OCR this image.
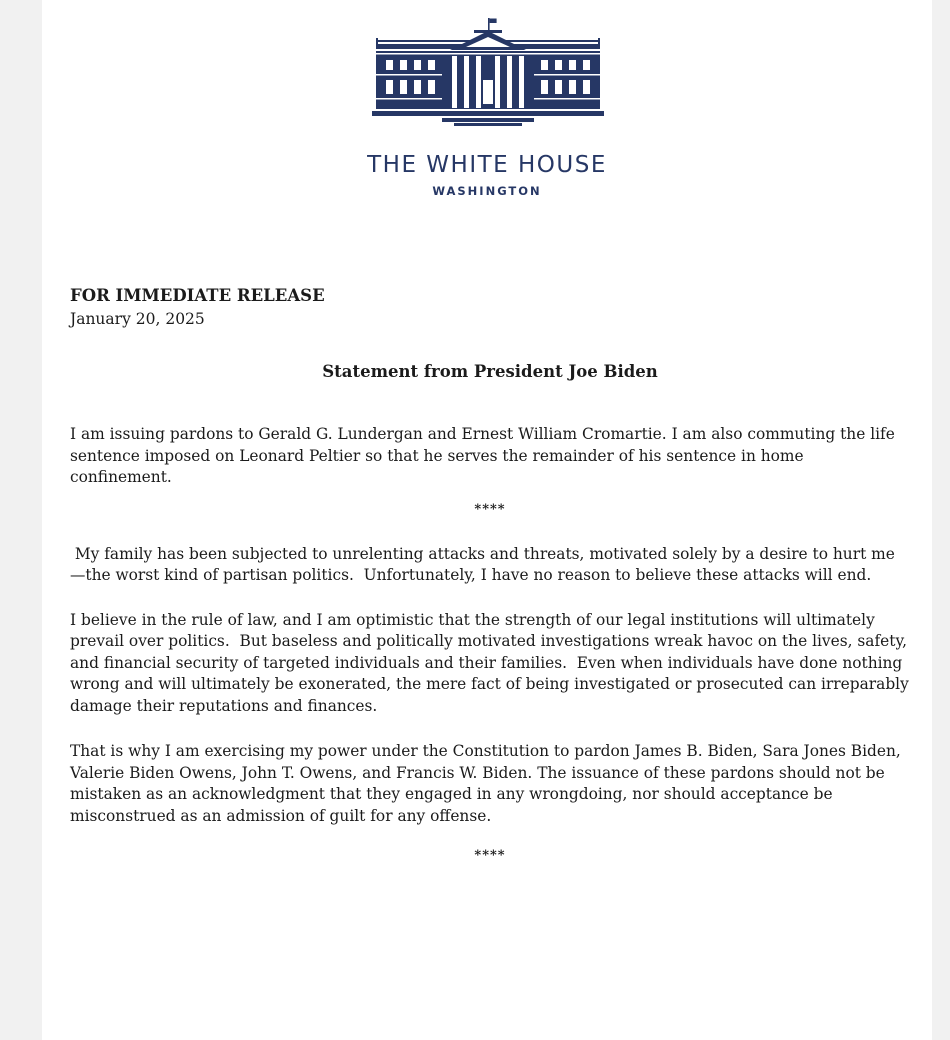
THE WHITE HOUSE

WASHINGTON

FOR IMMEDIATE RELEASE

January 20, 2025

Statement from President Joe Biden

I am issuing pardons to Gerald G. Lundergan and Ernest William Cromartie. I am also commuting the life sentence imposed on Leonard Peltier so that he serves the remainder of his sentence in home confinement.

****

My family has been subjected to unrelenting attacks and threats, motivated solely by a desire to hurt me—the worst kind of partisan politics.  Unfortunately, I have no reason to believe these attacks will end.

I believe in the rule of law, and I am optimistic that the strength of our legal institutions will ultimately prevail over politics.  But baseless and politically motivated investigations wreak havoc on the lives, safety, and financial security of targeted individuals and their families.  Even when individuals have done nothing wrong and will ultimately be exonerated, the mere fact of being investigated or prosecuted can irreparably damage their reputations and finances.

That is why I am exercising my power under the Constitution to pardon James B. Biden, Sara Jones Biden, Valerie Biden Owens, John T. Owens, and Francis W. Biden. The issuance of these pardons should not be mistaken as an acknowledgment that they engaged in any wrongdoing, nor should acceptance be misconstrued as an admission of guilt for any offense.

****
